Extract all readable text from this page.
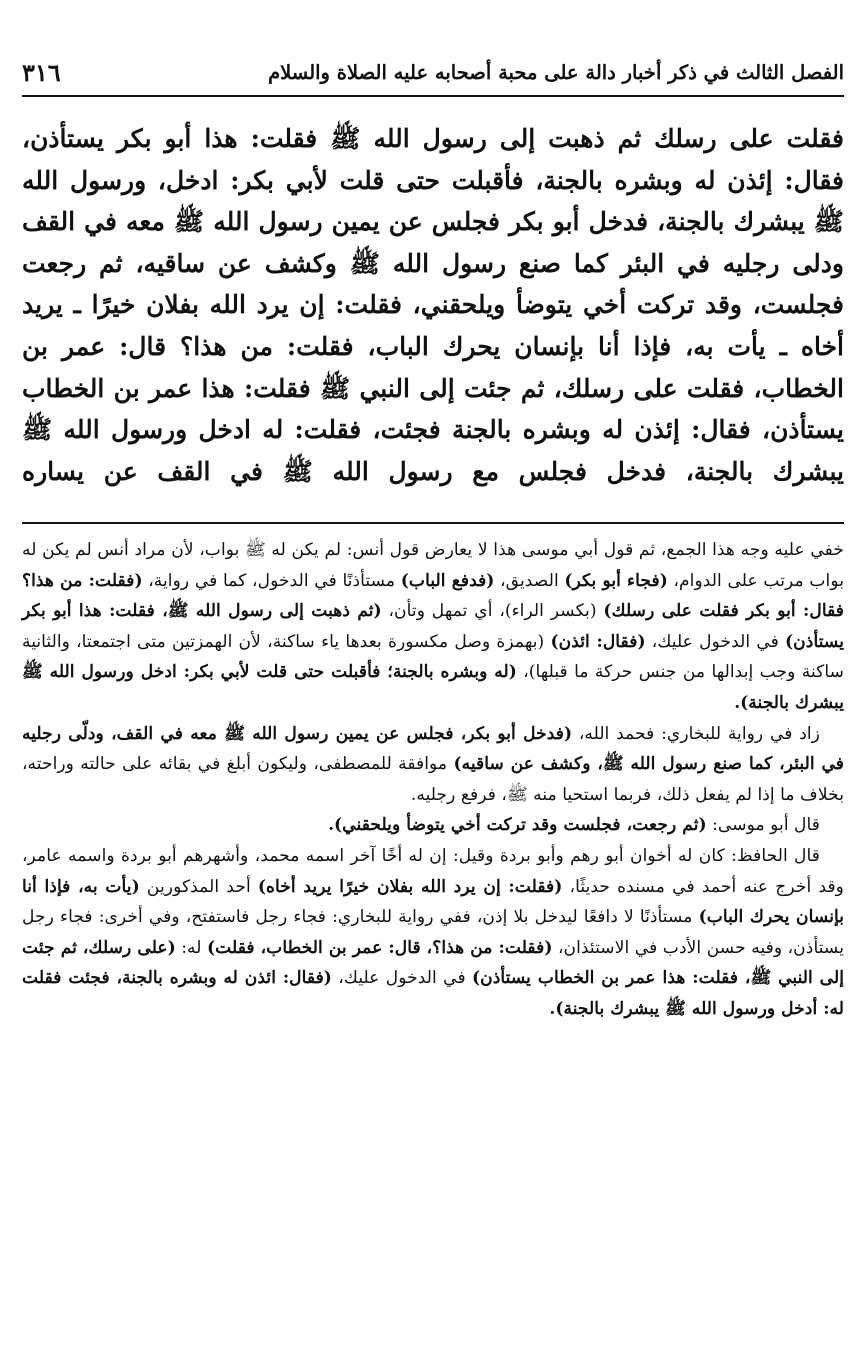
الفصل الثالث في ذكر أخبار دالة على محبة أصحابه عليه الصلاة والسلام
٣١٦

فقلت على رسلك ثم ذهبت إلى رسول الله ﷺ فقلت: هذا أبو بكر يستأذن، فقال: إئذن له وبشره بالجنة، فأقبلت حتى قلت لأبي بكر: ادخل، ورسول الله ﷺ يبشرك بالجنة، فدخل أبو بكر فجلس عن يمين رسول الله ﷺ معه في القف ودلى رجليه في البئر كما صنع رسول الله ﷺ وكشف عن ساقيه، ثم رجعت فجلست، وقد تركت أخي يتوضأ ويلحقني، فقلت: إن يرد الله بفلان خيرًا ـ يريد أخاه ـ يأت به، فإذا أنا بإنسان يحرك الباب، فقلت: من هذا؟ قال: عمر بن الخطاب، فقلت على رسلك، ثم جئت إلى النبي ﷺ فقلت: هذا عمر بن الخطاب يستأذن، فقال: إئذن له وبشره بالجنة فجئت، فقلت: له ادخل ورسول الله ﷺ يبشرك بالجنة، فدخل فجلس مع رسول الله ﷺ في القف عن يساره

خفي عليه وجه هذا الجمع، ثم قول أبي موسى هذا لا يعارض قول أنس: لم يكن له ﷺ بواب، لأن مراد أنس لم يكن له بواب مرتب على الدوام، (فجاء أبو بكر) الصديق، (فدفع الباب) مستأذنًا في الدخول، كما في رواية، (فقلت: من هذا؟ فقال: أبو بكر فقلت على رسلك) (بكسر الراء)، أي تمهل وتأن، (ثم ذهبت إلى رسول الله ﷺ، فقلت: هذا أبو بكر يستأذن) في الدخول عليك، (فقال: ائذن) (بهمزة وصل مكسورة بعدها ياء ساكنة، لأن الهمزتين متى اجتمعتا، والثانية ساكنة وجب إبدالها من جنس حركة ما قبلها)، (له وبشره بالجنة؛ فأقبلت حتى قلت لأبي بكر: ادخل ورسول الله ﷺ يبشرك بالجنة).

زاد في رواية للبخاري: فحمد الله، (فدخل أبو بكر، فجلس عن يمين رسول الله ﷺ معه في القف، ودلّى رجليه في البئر، كما صنع رسول الله ﷺ، وكشف عن ساقيه) موافقة للمصطفى، وليكون أبلغ في بقائه على حالته وراحته، بخلاف ما إذا لم يفعل ذلك، فربما استحيا منه ﷺ، فرفع رجليه.

قال أبو موسى: (ثم رجعت، فجلست وقد تركت أخي يتوضأ ويلحقني).

قال الحافظ: كان له أخوان أبو رهم وأبو بردة وقيل: إن له أخًا آخر اسمه محمد، وأشهرهم أبو بردة واسمه عامر، وقد أخرج عنه أحمد في مسنده حديثًا، (فقلت: إن يرد الله بفلان خيرًا يريد أخاه) أحد المذكورين (يأت به، فإذا أنا بإنسان يحرك الباب) مستأذنًا لا دافعًا ليدخل بلا إذن، ففي رواية للبخاري: فجاء رجل فاستفتح، وفي أخرى: فجاء رجل يستأذن، وفيه حسن الأدب في الاستئذان، (فقلت: من هذا؟، قال: عمر بن الخطاب، فقلت) له: (على رسلك، ثم جئت إلى النبي ﷺ، فقلت: هذا عمر بن الخطاب يستأذن) في الدخول عليك، (فقال: ائذن له وبشره بالجنة، فجئت فقلت له: أدخل ورسول الله ﷺ يبشرك بالجنة).
